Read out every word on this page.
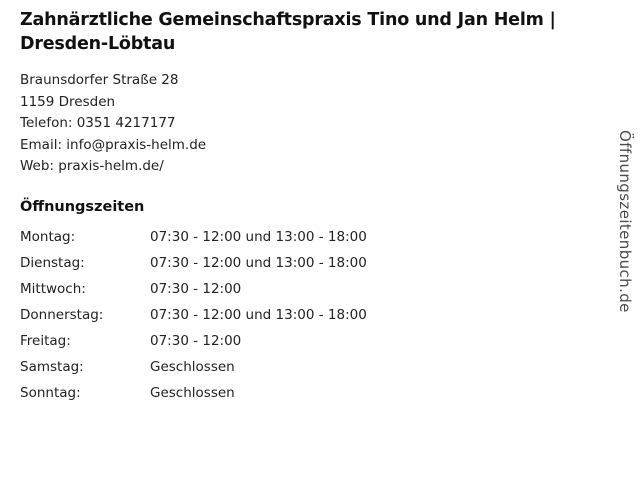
Zahnärztliche Gemeinschaftspraxis Tino und Jan Helm | Dresden-Löbtau
Braunsdorfer Straße 28
1159 Dresden
Telefon: 0351 4217177
Email: info@praxis-helm.de
Web: praxis-helm.de/
Öffnungszeiten
Montag:	07:30 - 12:00 und 13:00 - 18:00
Dienstag:	07:30 - 12:00 und 13:00 - 18:00
Mittwoch:	07:30 - 12:00
Donnerstag:	07:30 - 12:00 und 13:00 - 18:00
Freitag:	07:30 - 12:00
Samstag:	Geschlossen
Sonntag:	Geschlossen
Öffnungszeitenbuch.de
